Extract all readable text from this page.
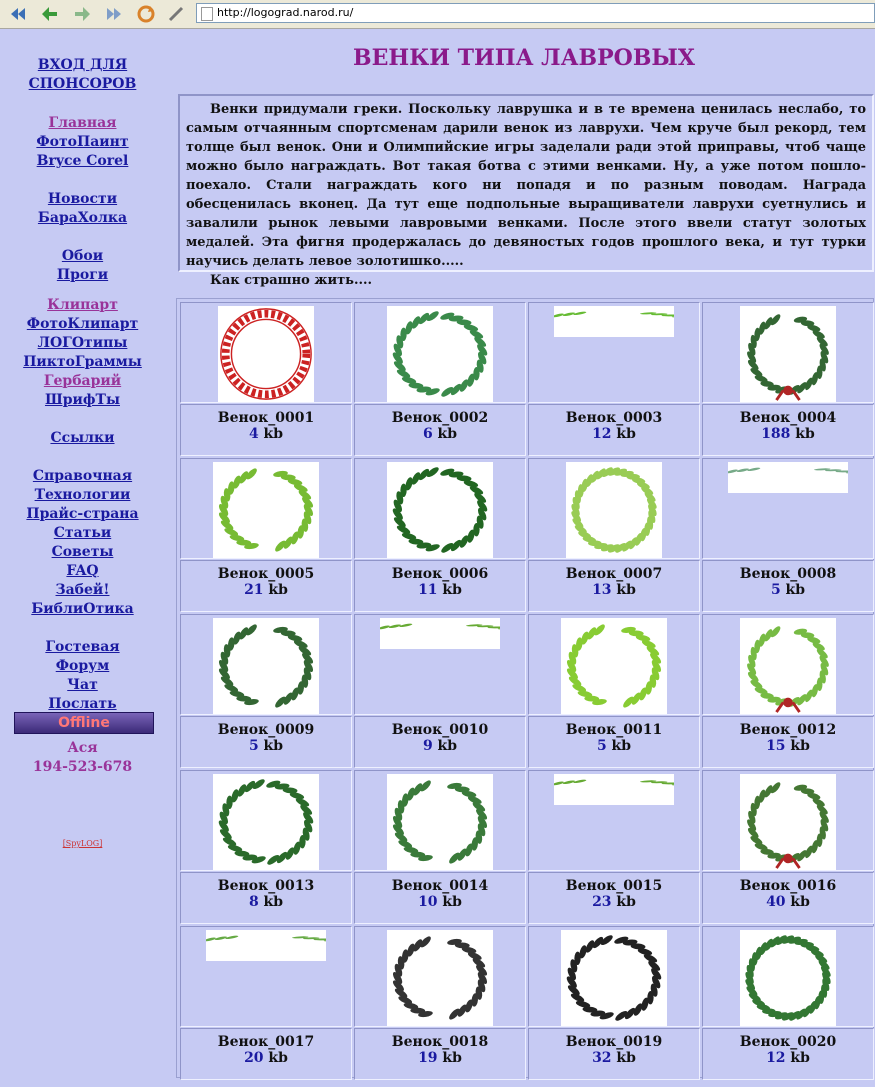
http://logograd.narod.ru/
ВХОД ДЛЯ
СПОНСОРОВ
Главная
ФотоПаинт
Bryce Corel
Новости
БараХолка
Обои
Проги
Клипарт
ФотоКлипарт
ЛОГОтипы
ПиктоГраммы
Гербарий
ШрифТы
Ссылки
Справочная
Технологии
Прайс-страна
Статьи
Советы
FAQ
Забей!
БиблиОтика
Гостевая
Форум
Чат
Послать
Offline
Ася
194-523-678
[SpyLOG]
ВЕНКИ ТИПА ЛАВРОВЫХ

Венки придумали греки. Поскольку лаврушка и в те времена ценилась неслабо, то самым отчаянным спортсменам дарили венок из лаврухи. Чем круче был рекорд, тем толще был венок. Они и Олимпийские игры заделали ради этой приправы, чтоб чаще можно было награждать. Вот такая ботва с этими венками. Ну, а уже потом пошло-поехало. Стали награждать кого ни попадя и по разным поводам. Награда обесценилась вконец. Да тут еще подпольные выращиватели лаврухи суетнулись и завалили рынок левыми лавровыми венками. После этого ввели статут золотых медалей. Эта фигня продержалась до девяностых годов прошлого века, и тут турки научись делать левое золотишко.....

Как страшно жить....

Венок_0001
4 kb
Венок_0002
6 kb
Венок_0003
12 kb
Венок_0004
188 kb
Венок_0005
21 kb
Венок_0006
11 kb
Венок_0007
13 kb
Венок_0008
5 kb
Венок_0009
5 kb
Венок_0010
9 kb
Венок_0011
5 kb
Венок_0012
15 kb
Венок_0013
8 kb
Венок_0014
10 kb
Венок_0015
23 kb
Венок_0016
40 kb
Венок_0017
20 kb
Венок_0018
19 kb
Венок_0019
32 kb
Венок_0020
12 kb
